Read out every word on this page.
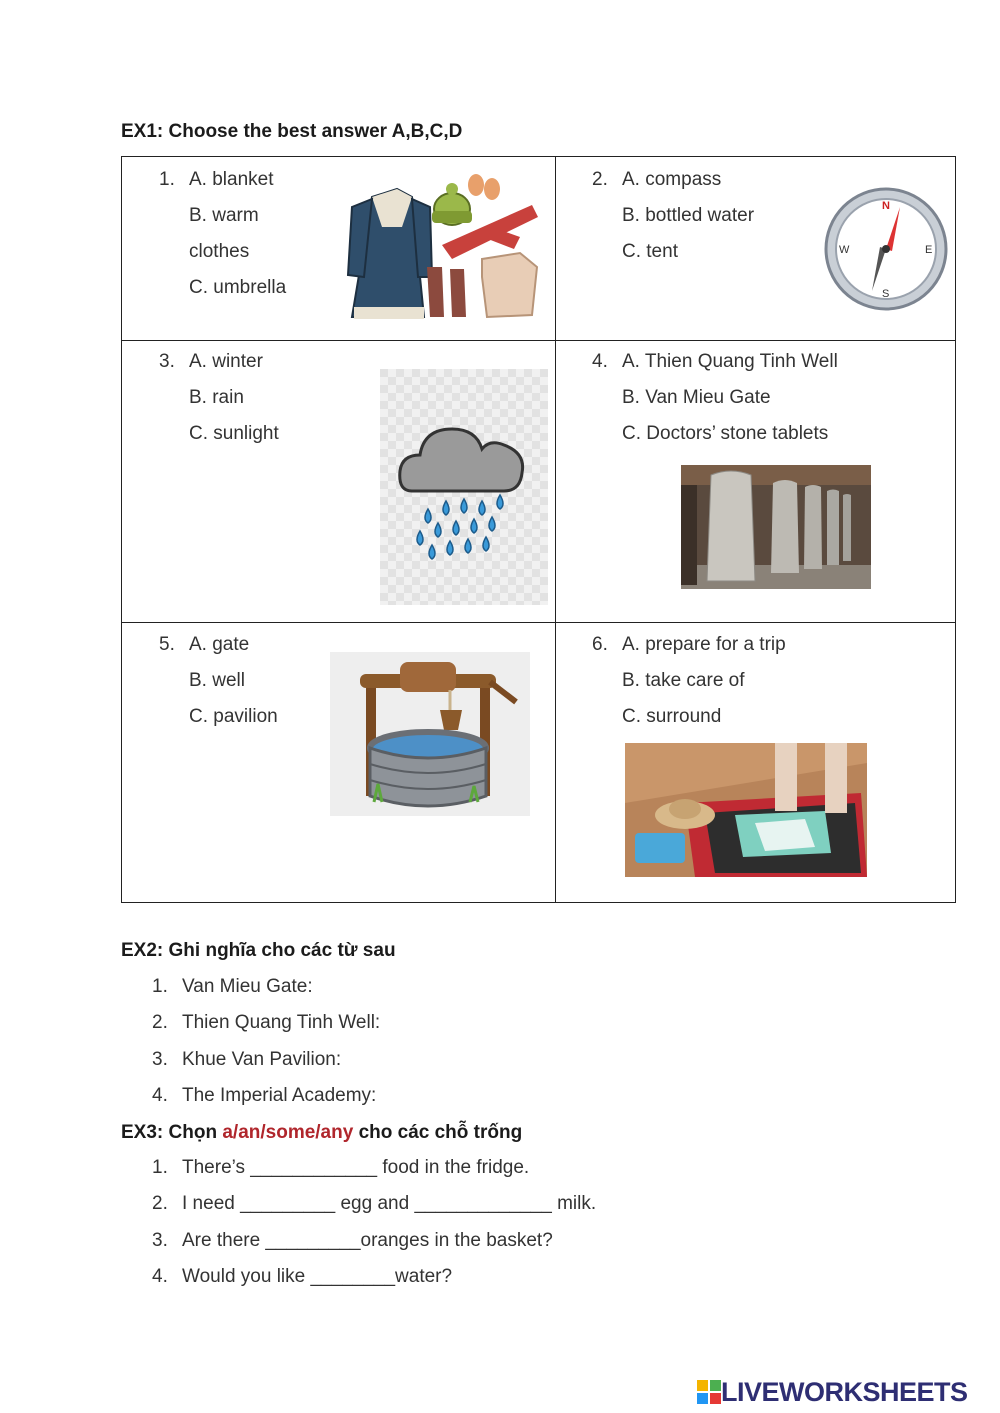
EX1: Choose the best answer A,B,C,D
1. A. blanket
B. warm
clothes
C. umbrella
2. A. compass
B. bottled water
C. tent
N
S
W	E
3. A. winter
B. rain
C. sunlight
4. A. Thien Quang Tinh Well
B. Van Mieu Gate
C. Doctors’ stone tablets
5. A. gate
B. well
C. pavilion
6. A. prepare for a trip
B. take care of
C. surround
EX2: Ghi nghĩa cho các từ sau
1. Van Mieu Gate:
2. Thien Quang Tinh Well:
3. Khue Van Pavilion:
4. The Imperial Academy:
EX3: Chọn a/an/some/any cho các chỗ trống
1. There’s ____________ food in the fridge.
2. I need _________ egg and _____________ milk.
3. Are there _________oranges in the basket?
4. Would you like ________water?
LIVEWORKSHEETS
